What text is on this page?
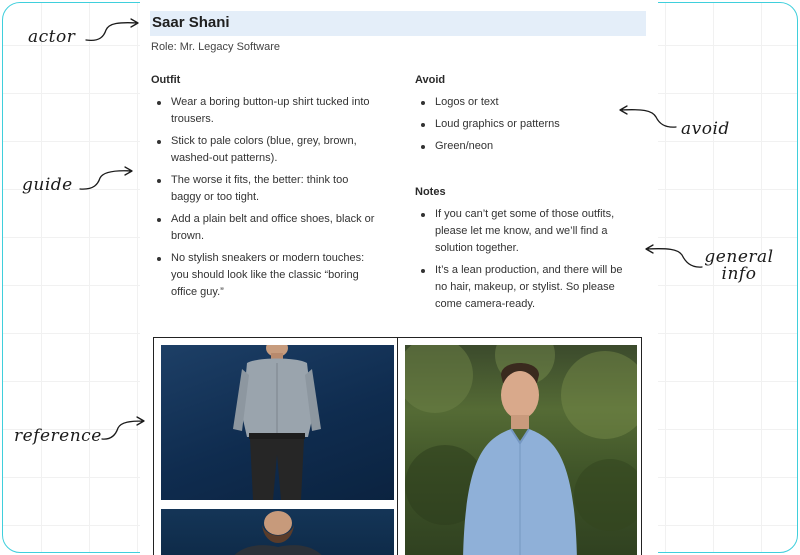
Saar Shani
Role: Mr. Legacy Software
Outfit
Wear a boring button-up shirt tucked into trousers.
Stick to pale colors (blue, grey, brown, washed-out patterns).
The worse it fits, the better: think too baggy or too tight.
Add a plain belt and office shoes, black or brown.
No stylish sneakers or modern touches: you should look like the classic “boring office guy.”
Avoid
Logos or text
Loud graphics or patterns
Green/neon
Notes
If you can’t get some of those outfits, please let me know, and we’ll find a solution together.
It’s a lean production, and there will be no hair, makeup, or stylist. So please come camera-ready.
actor
guide
avoid
general
info
reference
